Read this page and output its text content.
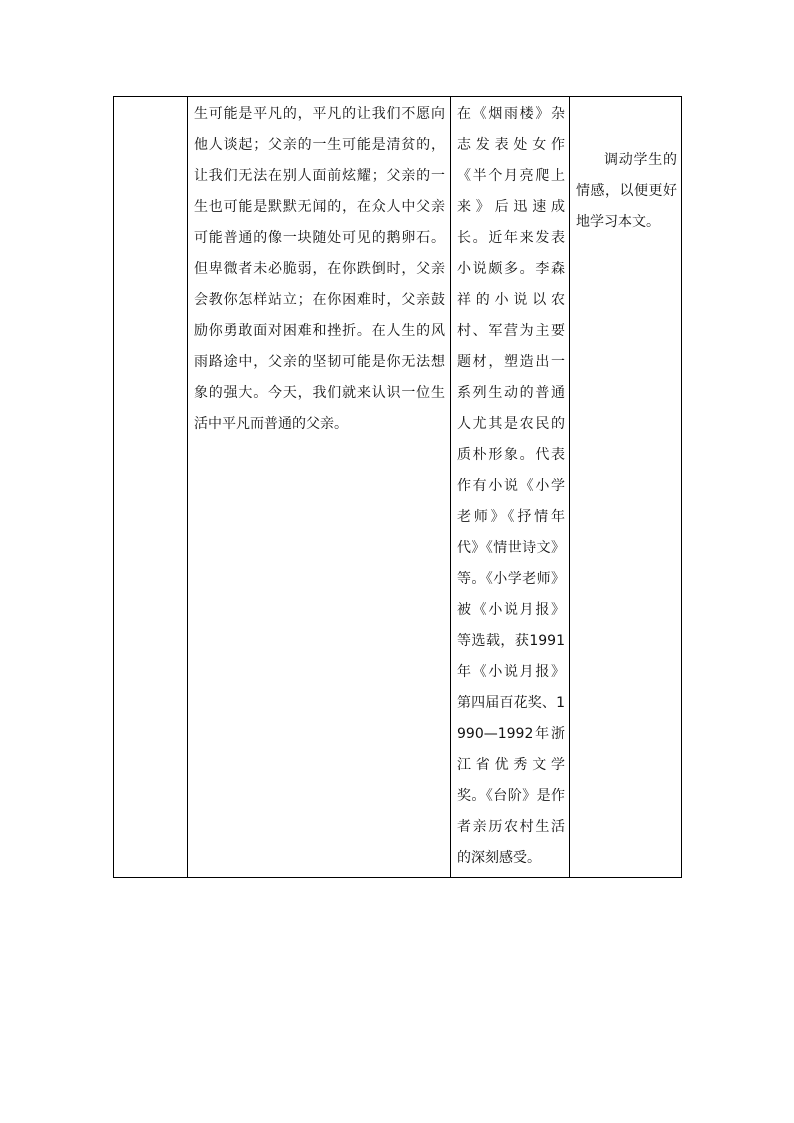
生可能是平凡的，平凡的让我们不愿向他人谈起；父亲的一生可能是清贫的，让我们无法在别人面前炫耀；父亲的一生也可能是默默无闻的，在众人中父亲可能普通的像一块随处可见的鹅卵石。但卑微者未必脆弱，在你跌倒时，父亲会教你怎样站立；在你困难时，父亲鼓励你勇敢面对困难和挫折。在人生的风雨路途中，父亲的坚韧可能是你无法想象的强大。今天，我们就来认识一位生活中平凡而普通的父亲。

在《烟雨楼》杂志发表处女作《半个月亮爬上来》后迅速成长。近年来发表小说颇多。李森祥的小说以农村、军营为主要题材，塑造出一系列生动的普通人尤其是农民的质朴形象。代表作有小说《小学老师》《抒情年代》《情世诗文》等。《小学老师》被《小说月报》等选载，获1991年《小说月报》第四届百花奖、1990—1992年浙江省优秀文学奖。《台阶》是作者亲历农村生活的深刻感受。

调动学生的情感，以便更好地学习本文。
